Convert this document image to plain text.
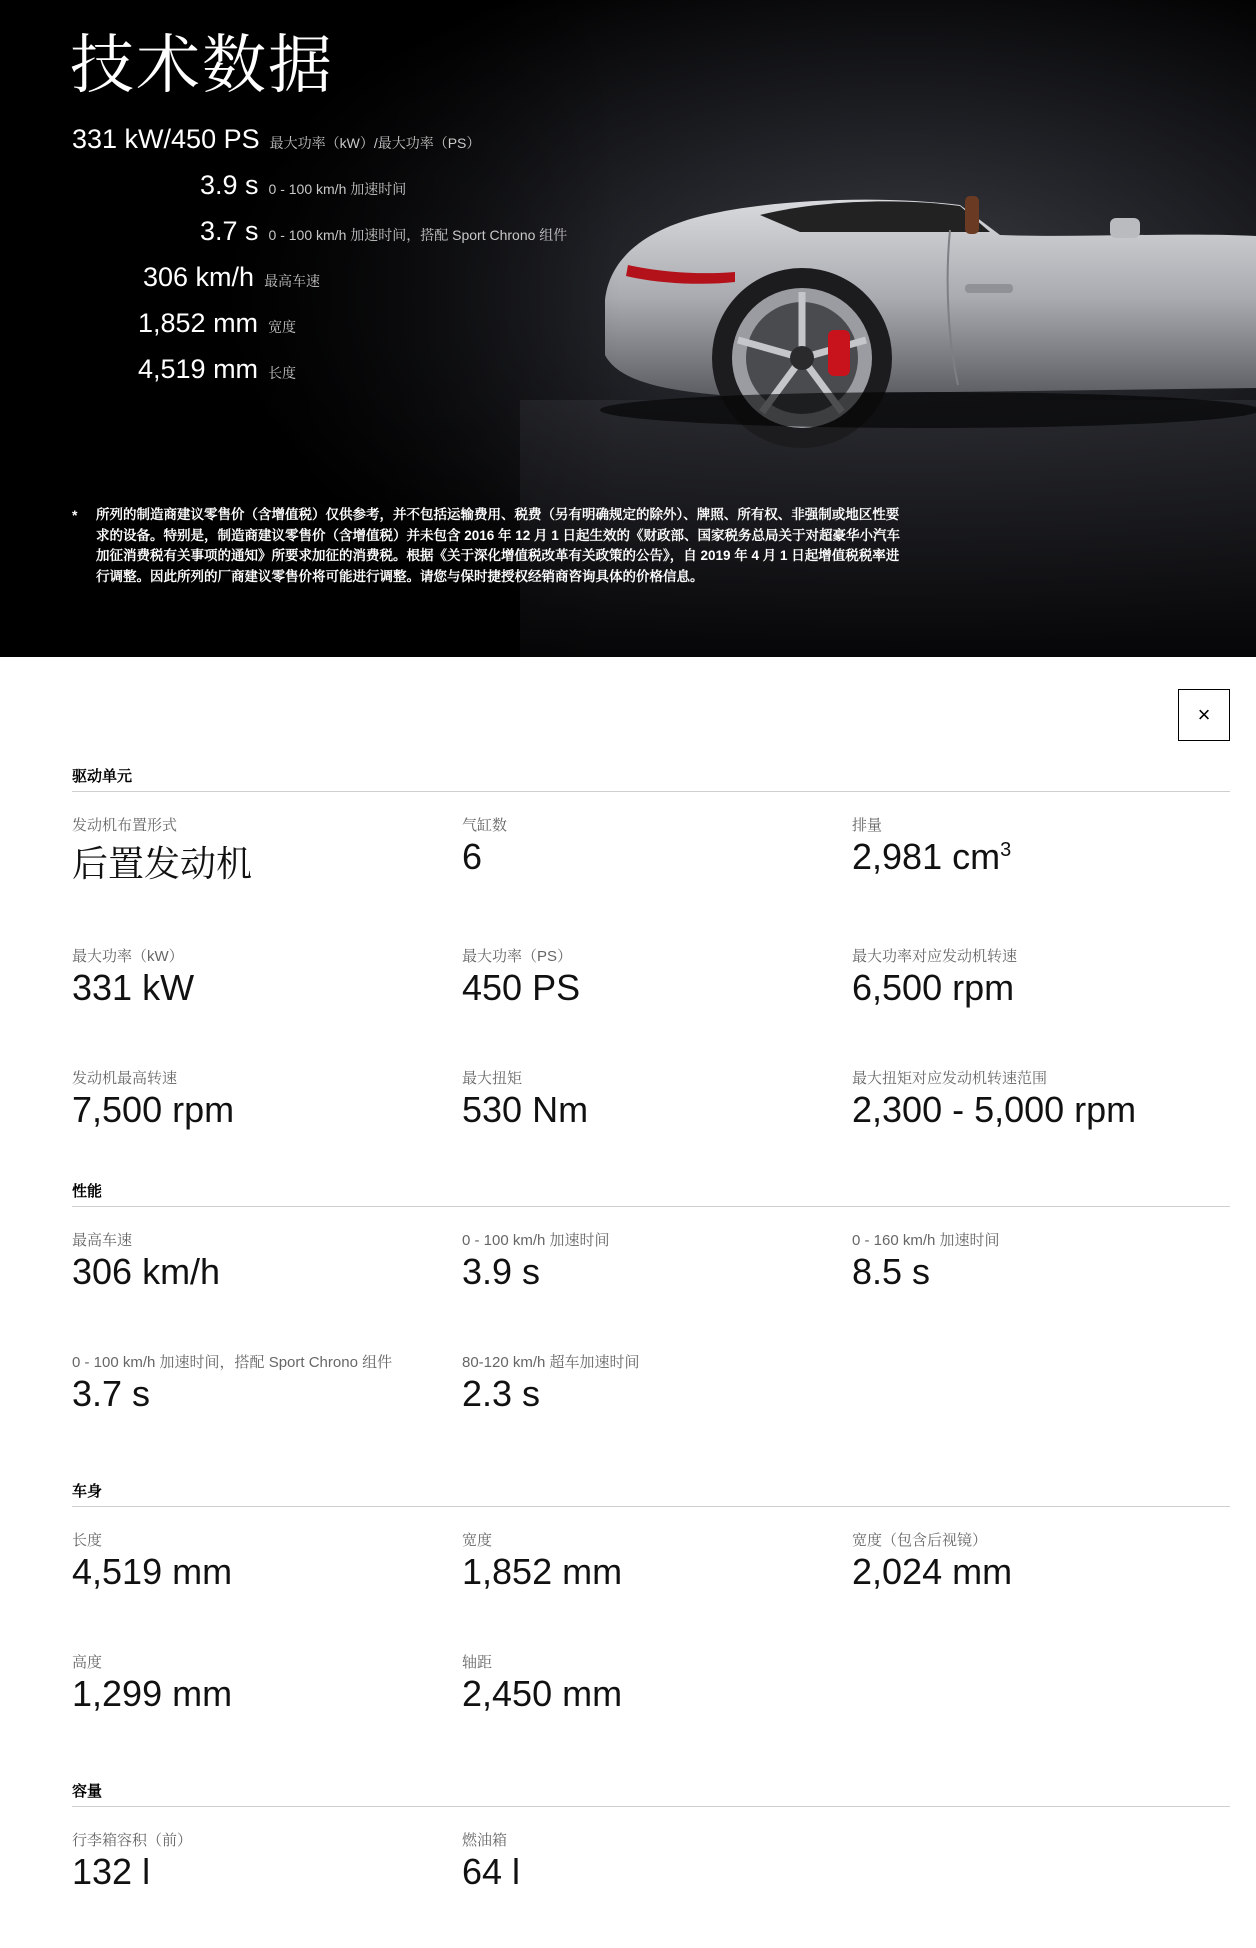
技术数据
331 kW/450 PS 最大功率（kW）/最大功率（PS）
3.9 s 0 - 100 km/h 加速时间
3.7 s 0 - 100 km/h 加速时间，搭配 Sport Chrono 组件
306 km/h 最高车速
1,852 mm 宽度
4,519 mm 长度
*	所列的制造商建议零售价（含增值税）仅供参考，并不包括运输费用、税费（另有明确规定的除外）、牌照、所有权、非强制或地区性要求的设备。特别是，制造商建议零售价（含增值税）并未包含 2016 年 12 月 1 日起生效的《财政部、国家税务总局关于对超豪华小汽车加征消费税有关事项的通知》所要求加征的消费税。根据《关于深化增值税改革有关政策的公告》，自 2019 年 4 月 1 日起增值税税率进行调整。因此所列的厂商建议零售价将可能进行调整。请您与保时捷授权经销商咨询具体的价格信息。
×
驱动单元
发动机布置形式
后置发动机
气缸数
6
排量
2,981 $cm^3$
最大功率（kW）
331 kW
最大功率（PS）
450 PS
最大功率对应发动机转速
6,500 rpm
发动机最高转速
7,500 rpm
最大扭矩
530 Nm
最大扭矩对应发动机转速范围
2,300 - 5,000 rpm
性能
最高车速
306 km/h
0 - 100 km/h 加速时间
3.9 s
0 - 160 km/h 加速时间
8.5 s
0 - 100 km/h 加速时间，搭配 Sport Chrono 组件
3.7 s
80-120 km/h 超车加速时间
2.3 s
车身
长度
4,519 mm
宽度
1,852 mm
宽度（包含后视镜）
2,024 mm
高度
1,299 mm
轴距
2,450 mm
容量
行李箱容积（前）
132 l
燃油箱
64 l
